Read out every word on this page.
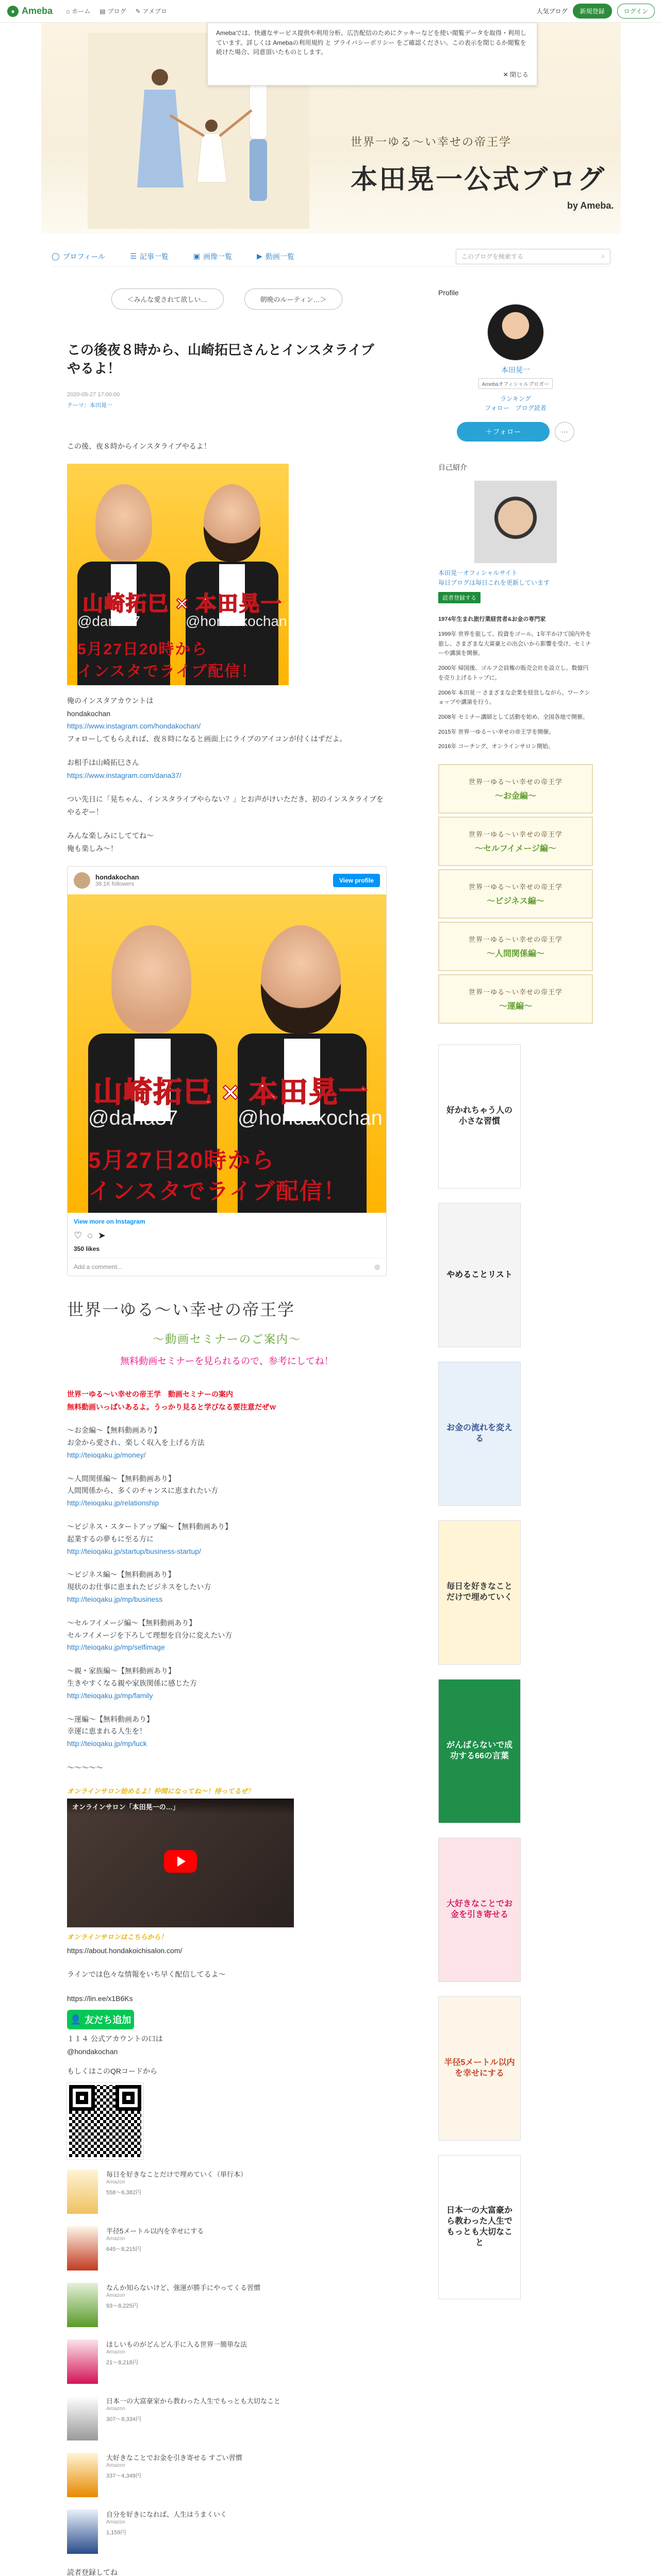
● Ameba ⌂ ホーム ▤ ブログ ✎ アメブロ	人気ブログ	新規登録	ログイン
Amebaでは、快適なサービス提供や利用分析、広告配信のためにクッキーなどを使い閲覧データを取得・利用しています。詳しくは Amebaの利用規約 と プライバシーポリシー をご確認ください。この表示を閉じるか閲覧を続けた場合、同意頂いたものとします。
✕ 閉じる
世界一ゆる～い幸せの帝王学
本田晃一公式ブログ
by Ameba.
◯ プロフィール	☰ 記事一覧	▣ 画像一覧	▶ 動画一覧	このブログを検索する	⌕
＜みんな愛されて欲しい…	朝晩のルーティン…＞
この後夜８時から、山崎拓巳さんとインスタライブやるよ！
2020-05-27 17:00:00
テーマ：本田晃一

この後、夜８時からインスタライブやるよ！

山崎拓巳 × 本田晃一
@dana37	@hondakochan
5月27日20時から
インスタでライブ配信！
俺のインスタアカウントは
hondakochan
https://www.instagram.com/hondakochan/
フォローしてもらえれば、夜８時になると画面上にライブのアイコンが付くはずだよ。
お相手は山崎拓巳さん
https://www.instagram.com/dana37/
つい先日に「晃ちゃん、インスタライブやらない？」とお声がけいただき、初のインスタライブをやるぞー！
みんな楽しみにしててね〜
俺も楽しみ〜！
hondakochan
38.1K followers
View profile
山崎拓巳 × 本田晃一
@dana37	@hondakochan
5月27日20時から
インスタでライブ配信！
View more on Instagram
♡ ◌ ➤
350 likes
Add a comment...	◎
世界一ゆる〜い幸せの帝王学
〜動画セミナーのご案内〜
無料動画セミナーを見られるので、参考にしてね！
世界一ゆる〜い幸せの帝王学　動画セミナーの案内
無料動画いっぱいあるよ。うっかり見ると学びなる要注意だぜｗ
〜お金編〜【無料動画あり】
お金から愛され、楽しく収入を上げる方法
http://teioqaku.jp/money/
〜人間関係編〜【無料動画あり】
人間関係から、多くのチャンスに恵まれたい方
http://teioqaku.jp/relationship
〜ビジネス・スタートアップ編〜【無料動画あり】
起業するの夢もに至る方に
http://teioqaku.jp/startup/business-startup/
〜ビジネス編〜【無料動画あり】
現状のお仕事に恵まれたビジネスをしたい方
http://teioqaku.jp/mp/business
〜セルフイメージ編〜【無料動画あり】
セルフイメージを下ろして理想を自分に変えたい方
http://teioqaku.jp/mp/selfimage
〜親・家族編〜【無料動画あり】
生きやすくなる親や家族関係に感じた方
http://teioqaku.jp/mp/family
〜運編〜【無料動画あり】
幸運に恵まれる人生を！
http://teioqaku.jp/mp/luck
〜〜〜〜〜
オンラインサロン始めるよ！仲間になってね〜！待ってるぜ！
オンラインサロン「本田晃一の…」
オンラインサロンはこちらから！
https://about.hondakoichisalon.com/
ラインでは色々な情報をいち早く配信してるよ〜
https://lin.ee/x1B6Ks
👤 友だち追加
１１４ 公式アカウントの口は
@hondakochan
もしくはこのQRコードから
毎日を好きなことだけで埋めていく（単行本）
Amazon
558〜6,382円
半径5メートル以内を幸せにする
Amazon
645〜8,215円
なんか知らないけど、強運が勝手にやってくる習慣
Amazon
93〜8,225円
ほしいものがどんどん手に入る世界一簡単な法
Amazon
21〜8,218円
日本一の大富豪家から教わった人生でもっとも大切なこと
Amazon
307〜8,334円
大好きなことでお金を引き寄せる すごい習慣
Amazon
337〜4,349円
自分を好きになれば、人生はうまくいく
Amazon
1,159円
読者登録してね
Profile
本田晃一
Amebaオフィシャルブロガー
ランキング
フォロー　ブログ読者
＋フォロー	⋯
自己紹介
本田晃一オフィシャルサイト
毎日ブログは毎日これを更新しています
読者登録する
1974年生まれ旅行業経営者&お金の専門家
1999年 世界を旅して、投資をゴール。1年半かけて国内外を旅し、さまざまな大富豪との出会いから影響を受け、セミナーや講演を開催。
2000年 帰国後、ゴルフ会員権の販売会社を設立し、数億円を売り上げるトップに。
2006年 本田晃一 さまざまな企業を経営しながら、ワークショップや講演を行う。
2008年 セミナー講師として活動を始め、全国各地で開催。
2015年 世界一ゆる〜い幸せの帝王学を開催。
2016年 コーチング、オンラインサロン開始。
世界一ゆる〜い幸せの帝王学
〜お金編〜
世界一ゆる〜い幸せの帝王学
〜セルフイメージ編〜
世界一ゆる〜い幸せの帝王学
〜ビジネス編〜
世界一ゆる〜い幸せの帝王学
〜人間関係編〜
世界一ゆる〜い幸せの帝王学
〜運編〜
好かれちゃう人の小さな習慣
やめることリスト
お金の流れを変える
毎日を好きなことだけで埋めていく
がんばらないで成功する66の言葉
大好きなことでお金を引き寄せる
半径5メートル以内を幸せにする
日本一の大富豪から教わった人生でもっとも大切なこと
